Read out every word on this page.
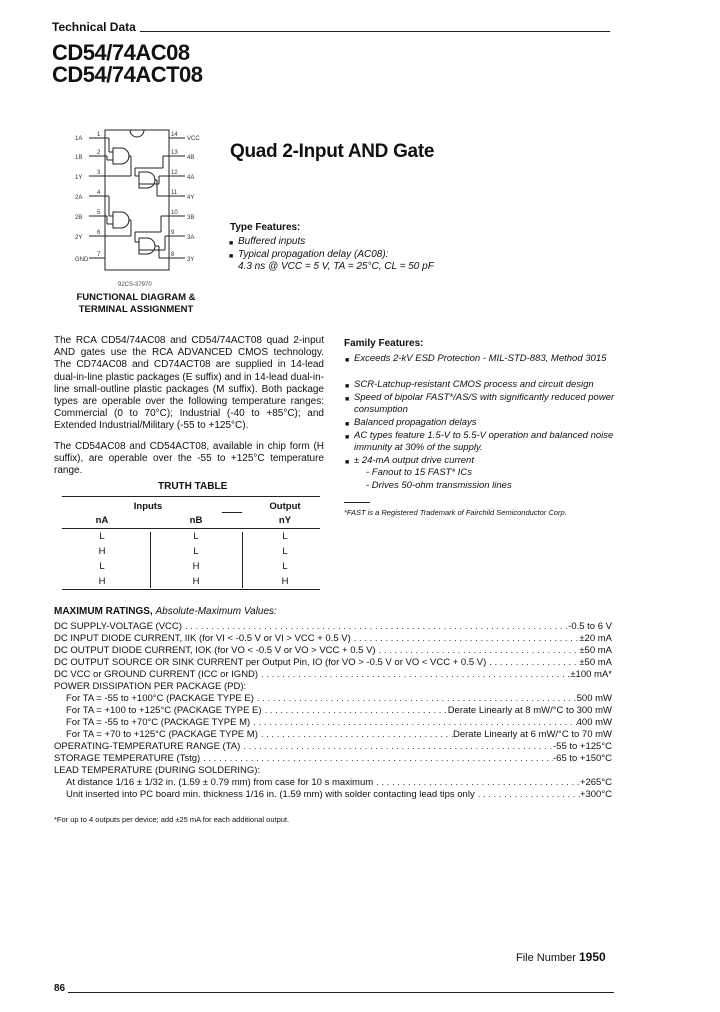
Technical Data
CD54/74AC08
CD54/74ACT08
1A
1B
1Y
2A
2B
2Y
GND
1
2
3
4
5
6
7
14
13
12
11
10
9
8
VCC
4B
4A
4Y
3B
3A
3Y
92CS-37970
FUNCTIONAL DIAGRAM &
TERMINAL ASSIGNMENT
Quad 2-Input AND Gate
Type Features:
■ Buffered inputs
■ Typical propagation delay (AC08):
4.3 ns @ VCC = 5 V, TA = 25°C, CL = 50 pF
The RCA CD54/74AC08 and CD54/74ACT08 quad 2-input AND gates use the RCA ADVANCED CMOS technology. The CD74AC08 and CD74ACT08 are supplied in 14-lead dual-in-line plastic packages (E suffix) and in 14-lead dual-in-line small-outline plastic packages (M suffix). Both package types are operable over the following temperature ranges: Commercial (0 to 70°C); Industrial (-40 to +85°C); and Extended Industrial/Military (-55 to +125°C).
The CD54AC08 and CD54ACT08, available in chip form (H suffix), are operable over the -55 to +125°C temperature range.
Family Features:
■ Exceeds 2-kV ESD Protection - MIL-STD-883, Method 3015
■ SCR-Latchup-resistant CMOS process and circuit design
■ Speed of bipolar FAST*/AS/S with significantly reduced power consumption
■ Balanced propagation delays
■ AC types feature 1.5-V to 5.5-V operation and balanced noise immunity at 30% of the supply.
■ ± 24-mA output drive current
- Fanout to 15 FAST* ICs
- Drives 50-ohm transmission lines
*FAST is a Registered Trademark of Fairchild Semiconductor Corp.
TRUTH TABLE
Inputs	Output
nA	nB	nY
L	L	L
H	L	L
L	H	L
H	H	H
MAXIMUM RATINGS, Absolute-Maximum Values:
DC SUPPLY-VOLTAGE (VCC) . . .	-0.5 to 6 V
DC INPUT DIODE CURRENT, IIK (for VI < -0.5 V or VI > VCC + 0.5 V) . . .	±20 mA
DC OUTPUT DIODE CURRENT, IOK (for VO < -0.5 V or VO > VCC + 0.5 V) . . .	±50 mA
DC OUTPUT SOURCE OR SINK CURRENT per Output Pin, IO (for VO > -0.5 V or VO < VCC + 0.5 V) . . .	±50 mA
DC VCC or GROUND CURRENT (ICC or IGND) . . .	±100 mA*
POWER DISSIPATION PER PACKAGE (PD):
For TA = -55 to +100°C (PACKAGE TYPE E) . . .	500 mW
For TA = +100 to +125°C (PACKAGE TYPE E) . . .	Derate Linearly at 8 mW/°C to 300 mW
For TA = -55 to +70°C (PACKAGE TYPE M) . . .	400 mW
For TA = +70 to +125°C (PACKAGE TYPE M) . . .	Derate Linearly at 6 mW/°C to 70 mW
OPERATING-TEMPERATURE RANGE (TA) . . .	-55 to +125°C
STORAGE TEMPERATURE (Tstg) . . .	-65 to +150°C
LEAD TEMPERATURE (DURING SOLDERING):
At distance 1/16 ± 1/32 in. (1.59 ± 0.79 mm) from case for 10 s maximum . . .	+265°C
Unit inserted into PC board min. thickness 1/16 in. (1.59 mm) with solder contacting lead tips only . . .	+300°C
*For up to 4 outputs per device; add ±25 mA for each additional output.
File Number 1950
86
